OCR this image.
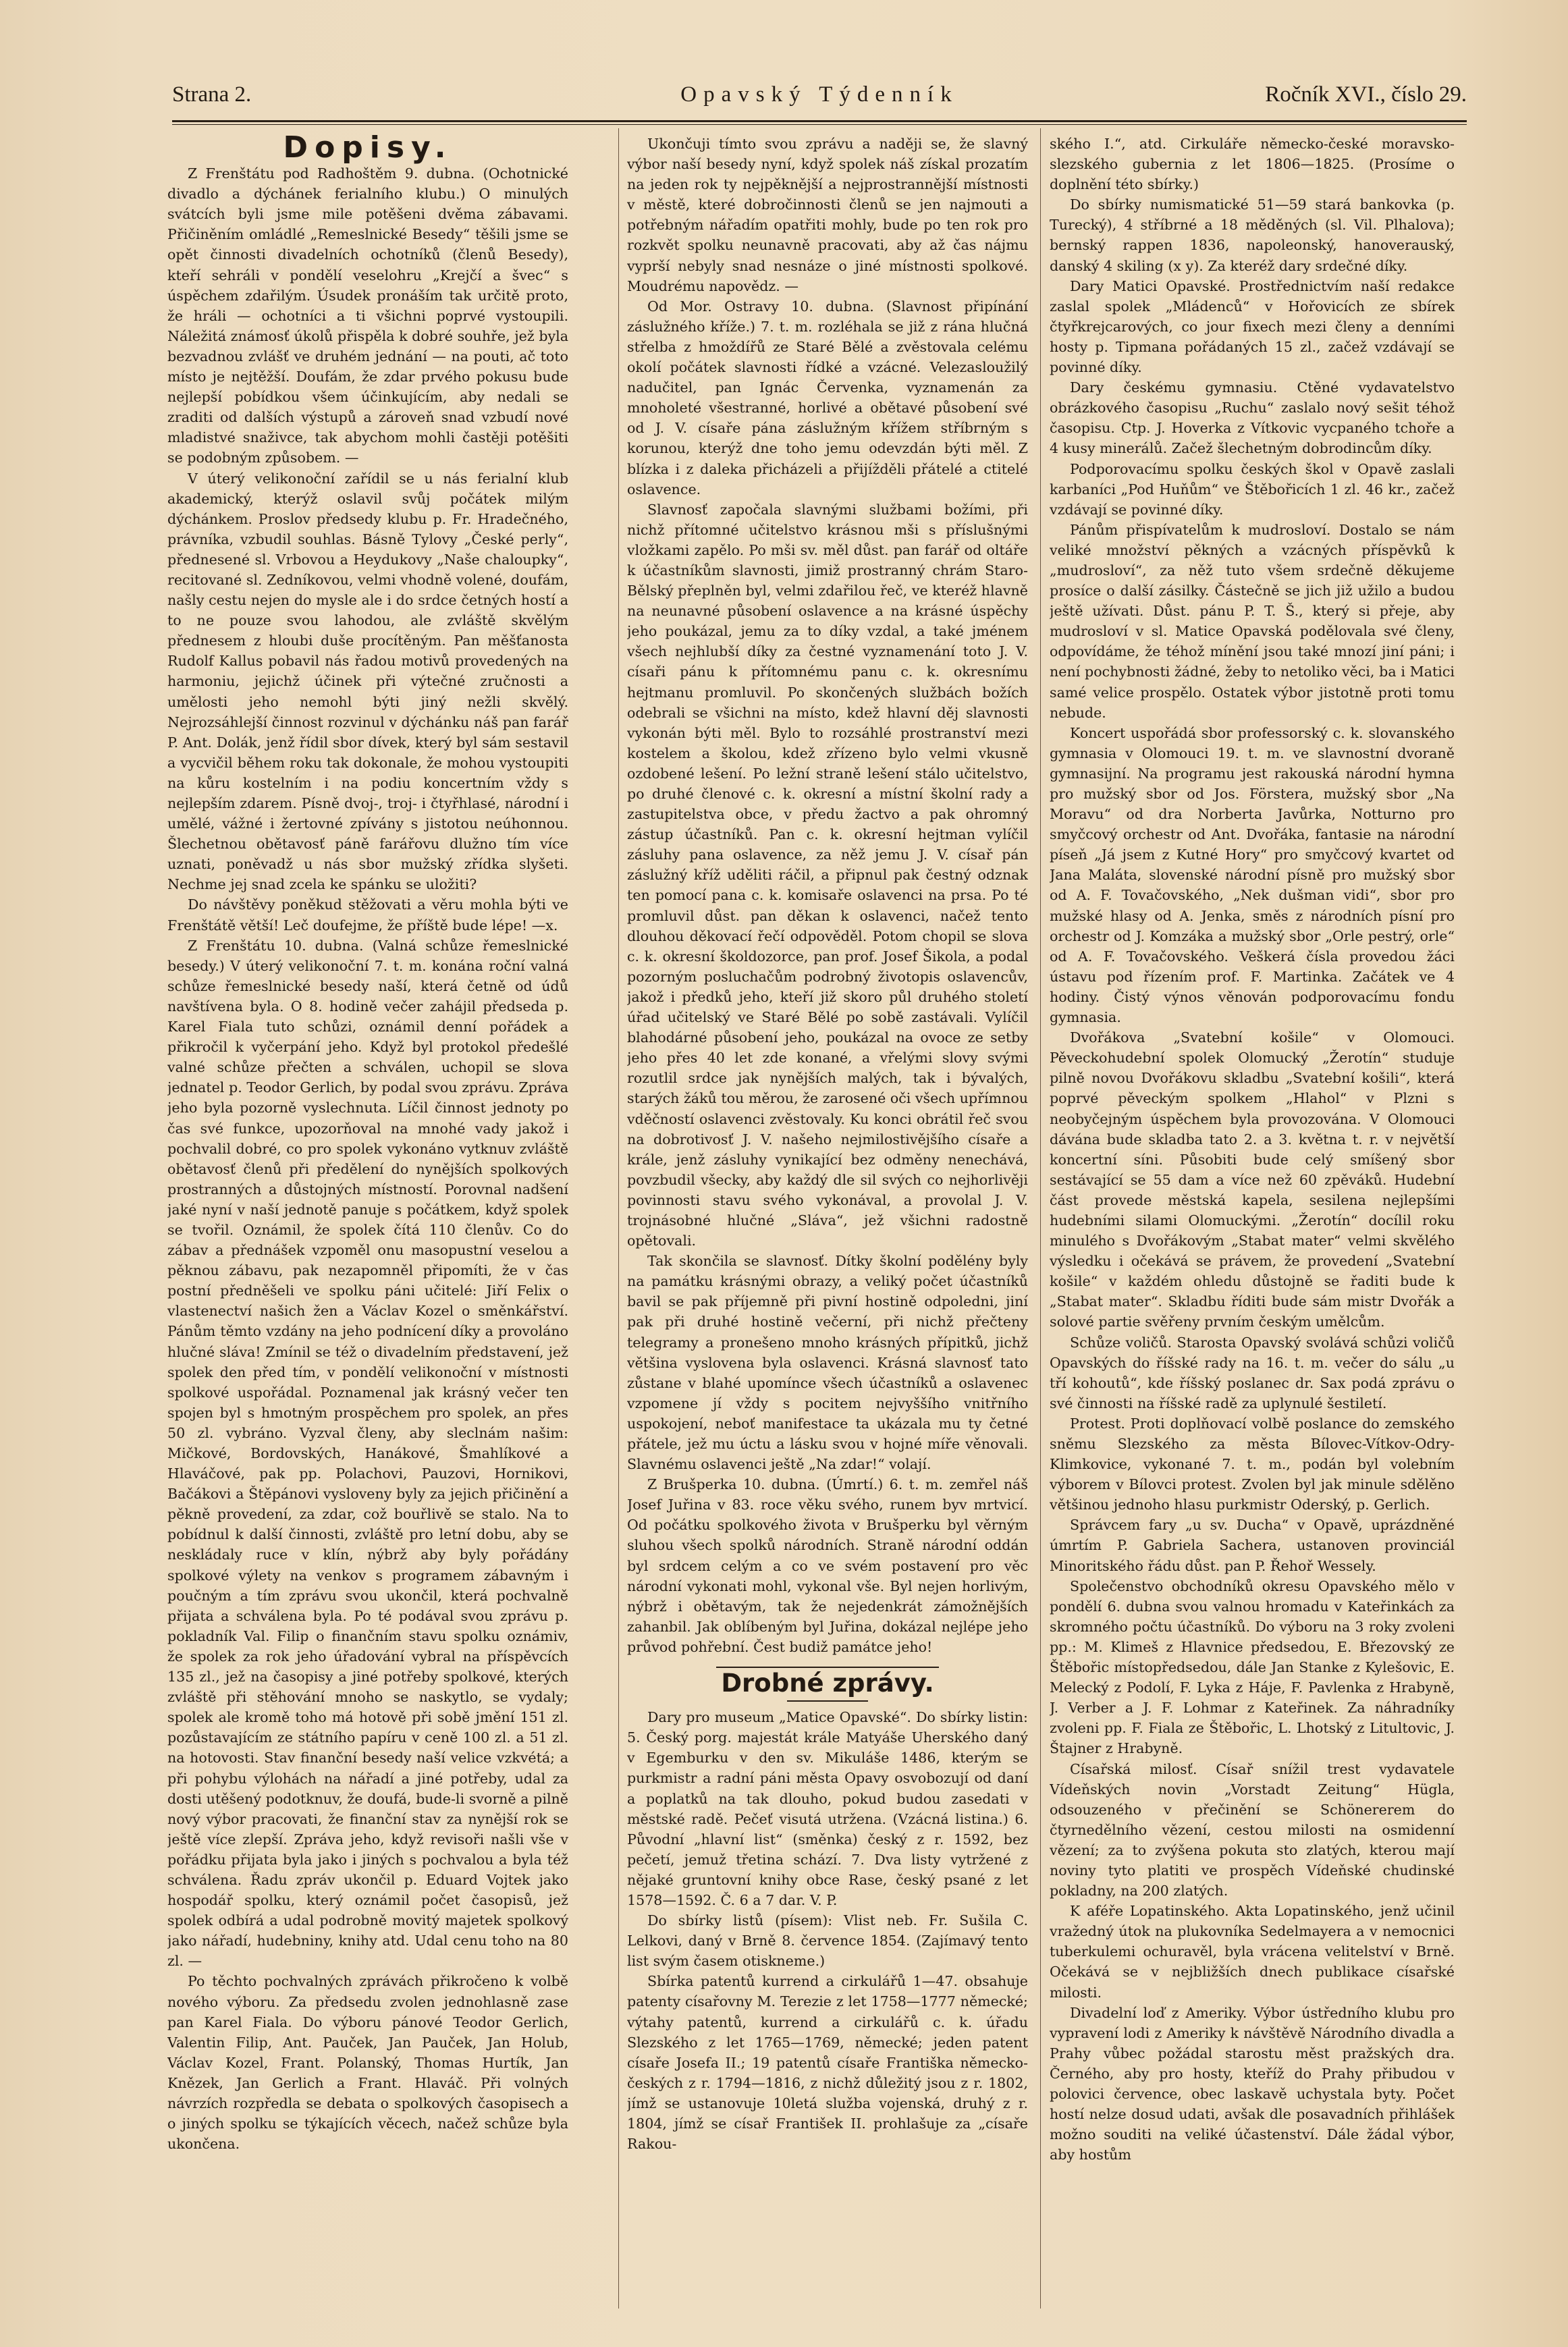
Strana 2.	Opavský Týdenník	Ročník XVI., číslo 29.
Dopisy.

Z Frenštátu pod Radhoštěm 9. dubna. (Ochotnické divadlo a dýchánek ferialního klubu.) O minulých svátcích byli jsme mile potěšeni dvěma zábavami. Přičiněním omládlé „Remeslnické Besedy“ těšili jsme se opět činnosti divadelních ochotníků (členů Besedy), kteří sehráli v pondělí veselohru „Krejčí a švec“ s úspěchem zdařilým. Úsudek pronáším tak určitě proto, že hráli — ochotníci a ti všichni poprvé vystoupili. Náležitá známosť úkolů přispěla k dobré souhře, jež byla bezvadnou zvlášť ve druhém jednání — na pouti, ač toto místo je nejtěžší. Doufám, že zdar prvého pokusu bude nejlepší pobídkou všem účinkujícím, aby nedali se zraditi od dalších výstupů a zároveň snad vzbudí nové mladistvé snaživce, tak abychom mohli častěji potěšiti se podobným způsobem. —

V úterý velikonoční zařídil se u nás ferialní klub akademický, kterýž oslavil svůj počátek milým dýchánkem. Proslov předsedy klubu p. Fr. Hradečného, právníka, vzbudil souhlas. Básně Tylovy „České perly“, přednesené sl. Vrbovou a Heydukovy „Naše chaloupky“, recitované sl. Zedníkovou, velmi vhodně volené, doufám, našly cestu nejen do mysle ale i do srdce četných hostí a to ne pouze svou lahodou, ale zvláště skvělým přednesem z hloubi duše procítěným. Pan měšťanosta Rudolf Kallus pobavil nás řadou motivů provedených na harmoniu, jejichž účinek při výtečné zručnosti a umělosti jeho nemohl býti jiný nežli skvělý. Nejrozsáhlejší činnost rozvinul v dýchánku náš pan farář P. Ant. Dolák, jenž řídil sbor dívek, který byl sám sestavil a vycvičil během roku tak dokonale, že mohou vystoupiti na kůru kostelním i na podiu koncertním vždy s nejlepším zdarem. Písně dvoj-, troj- i čtyřhlasé, národní i umělé, vážné i žertovné zpívány s jistotou neúhonnou. Šlechetnou obětavosť páně farářovu dlužno tím více uznati, poněvadž u nás sbor mužský zřídka slyšeti. Nechme jej snad zcela ke spánku se uložiti?

Do návštěvy poněkud stěžovati a věru mohla býti ve Frenštátě větší! Leč doufejme, že příště bude lépe! —x.

Z Frenštátu 10. dubna. (Valná schůze řemeslnické besedy.) V úterý velikonoční 7. t. m. konána roční valná schůze řemeslnické besedy naší, která četně od údů navštívena byla. O 8. hodině večer zahájil předseda p. Karel Fiala tuto schůzi, oznámil denní pořádek a přikročil k vyčerpání jeho. Když byl protokol předešlé valné schůze přečten a schválen, uchopil se slova jednatel p. Teodor Gerlich, by podal svou zprávu. Zpráva jeho byla pozorně vyslechnuta. Líčil činnost jednoty po čas své funkce, upozorňoval na mnohé vady jakož i pochvalil dobré, co pro spolek vykonáno vytknuv zvláště obětavosť členů při předělení do nynějších spolkových prostranných a důstojných místností. Porovnal nadšení jaké nyní v naší jednotě panuje s počátkem, když spolek se tvořil. Oznámil, že spolek čítá 110 členův. Co do zábav a přednášek vzpoměl onu masopustní veselou a pěknou zábavu, pak nezapomněl připomíti, že v čas postní předněšeli ve spolku páni učitelé: Jiří Felix o vlastenectví našich žen a Václav Kozel o směnkářství. Pánům těmto vzdány na jeho podnícení díky a provoláno hlučné sláva! Zmínil se též o divadelním představení, jež spolek den před tím, v pondělí velikonoční v místnosti spolkové uspořádal. Poznamenal jak krásný večer ten spojen byl s hmotným prospěchem pro spolek, an přes 50 zl. vybráno. Vyzval členy, aby sleclnám našim: Mičkové, Bordovských, Hanákové, Šmahlíkové a Hlaváčové, pak pp. Polachovi, Pauzovi, Hornikovi, Bačákovi a Štěpánovi vysloveny byly za jejich přičinění a pěkně provedení, za zdar, což bouřlivě se stalo. Na to pobídnul k další činnosti, zvláště pro letní dobu, aby se neskládaly ruce v klín, nýbrž aby byly pořádány spolkové výlety na venkov s programem zábavným i poučným a tím zprávu svou ukončil, která pochvalně přijata a schválena byla. Po té podával svou zprávu p. pokladník Val. Filip o finančním stavu spolku oznámiv, že spolek za rok jeho úřadování vybral na příspěvcích 135 zl., jež na časopisy a jiné potřeby spolkové, kterých zvláště při stěhování mnoho se naskytlo, se vydaly; spolek ale kromě toho má hotově při sobě jmění 151 zl. pozůstavajícím ze státního papíru v ceně 100 zl. a 51 zl. na hotovosti. Stav finanční besedy naší velice vzkvétá; a při pohybu výlohách na nářadí a jiné potřeby, udal za dosti utěšený podotknuv, že doufá, bude-li svorně a pilně nový výbor pracovati, že finanční stav za nynější rok se ještě více zlepší. Zpráva jeho, když revisoři našli vše v pořádku přijata byla jako i jiných s pochvalou a byla též schválena. Řadu zpráv ukončil p. Eduard Vojtek jako hospodář spolku, který oznámil počet časopisů, jež spolek odbírá a udal podrobně movitý majetek spolkový jako nářadí, hudebniny, knihy atd. Udal cenu toho na 80 zl. —

Po těchto pochvalných zprávách přikročeno k volbě nového výboru. Za předsedu zvolen jednohlasně zase pan Karel Fiala. Do výboru pánové Teodor Gerlich, Valentin Filip, Ant. Pauček, Jan Pauček, Jan Holub, Václav Kozel, Frant. Polanský, Thomas Hurtík, Jan Knězek, Jan Gerlich a Frant. Hlaváč. Při volných návrzích rozpředla se debata o spolkových časopisech a o jiných spolku se týkajících věcech, načež schůze byla ukončena.

Ukončuji tímto svou zprávu a naději se, že slavný výbor naší besedy nyní, když spolek náš získal prozatím na jeden rok ty nejpěknější a nejprostrannější místnosti v městě, které dobročinnosti členů se jen najmouti a potřebným nářadím opatřiti mohly, bude po ten rok pro rozkvět spolku neunavně pracovati, aby až čas nájmu vyprší nebyly snad nesnáze o jiné místnosti spolkové. Moudrému napovědz. —

Od Mor. Ostravy 10. dubna. (Slavnost připínání záslužného kříže.) 7. t. m. rozléhala se již z rána hlučná střelba z hmoždířů ze Staré Bělé a zvěstovala celému okolí počátek slavnosti řídké a vzácné. Velezasloužilý nadučitel, pan Ignác Červenka, vyznamenán za mnoholeté všestranné, horlivé a obětavé působení své od J. V. císaře pána záslužným křížem stříbrným s korunou, kterýž dne toho jemu odevzdán býti měl. Z blízka i z daleka přicházeli a přijížděli přátelé a ctitelé oslavence.

Slavnosť započala slavnými službami božími, při nichž přítomné učitelstvo krásnou mši s příslušnými vložkami zapělo. Po mši sv. měl důst. pan farář od oltáře k účastníkům slavnosti, jimiž prostranný chrám Staro-Bělský přeplněn byl, velmi zdařilou řeč, ve kteréž hlavně na neunavné působení oslavence a na krásné úspěchy jeho poukázal, jemu za to díky vzdal, a také jménem všech nejhlubší díky za čestné vyznamenání toto J. V. císaři pánu k přítomnému panu c. k. okresnímu hejtmanu promluvil. Po skončených službách božích odebrali se všichni na místo, kdež hlavní děj slavnosti vykonán býti měl. Bylo to rozsáhlé prostranství mezi kostelem a školou, kdež zřízeno bylo velmi vkusně ozdobené lešení. Po ležní straně lešení stálo učitelstvo, po druhé členové c. k. okresní a místní školní rady a zastupitelstva obce, v předu žactvo a pak ohromný zástup účastníků. Pan c. k. okresní hejtman vylíčil zásluhy pana oslavence, za něž jemu J. V. císař pán záslužný kříž uděliti ráčil, a připnul pak čestný odznak ten pomocí pana c. k. komisaře oslavenci na prsa. Po té promluvil důst. pan děkan k oslavenci, načež tento dlouhou děkovací řečí odpověděl. Potom chopil se slova c. k. okresní školdozorce, pan prof. Josef Šikola, a podal pozorným posluchačům podrobný životopis oslavencův, jakož i předků jeho, kteří již skoro půl druhého století úřad učitelský ve Staré Bělé po sobě zastávali. Vylíčil blahodárné působení jeho, poukázal na ovoce ze setby jeho přes 40 let zde konané, a vřelými slovy svými rozutlil srdce jak nynějších malých, tak i bývalých, starých žáků tou měrou, že zarosené oči všech upřímnou vděčností oslavenci zvěstovaly. Ku konci obrátil řeč svou na dobrotivosť J. V. našeho nejmilostivějšího císaře a krále, jenž zásluhy vynikající bez odměny nenechává, povzbudil všecky, aby každý dle sil svých co nejhorlivěji povinnosti stavu svého vykonával, a provolal J. V. trojnásobné hlučné „Sláva“, jež všichni radostně opětovali.

Tak skončila se slavnosť. Dítky školní podělény byly na památku krásnými obrazy, a veliký počet účastníků bavil se pak příjemně při pivní hostině odpoledni, jiní pak při druhé hostině večerní, při nichž přečteny telegramy a pronešeno mnoho krásných přípitků, jichž většina vyslovena byla oslavenci. Krásná slavnosť tato zůstane v blahé upomínce všech účastníků a oslavenec vzpomene jí vždy s pocitem nejvyššího vnitřního uspokojení, neboť manifestace ta ukázala mu ty četné přátele, jež mu úctu a lásku svou v hojné míře věnovali. Slavnému oslavenci ještě „Na zdar!“ volají.

Z Brušperka 10. dubna. (Úmrtí.) 6. t. m. zemřel náš Josef Juřina v 83. roce věku svého, runem byv mrtvicí. Od počátku spolkového života v Brušperku byl věrným sluhou všech spolků národních. Straně národní oddán byl srdcem celým a co ve svém postavení pro věc národní vykonati mohl, vykonal vše. Byl nejen horlivým, nýbrž i obětavým, tak že nejedenkrát zámožnějších zahanbil. Jak oblíbeným byl Juřina, dokázal nejlépe jeho průvod pohřební. Čest budiž památce jeho!

Drobné zprávy.

Dary pro museum „Matice Opavské“. Do sbírky listin: 5. Český porg. majestát krále Matyáše Uherského daný v Egemburku v den sv. Mikuláše 1486, kterým se purkmistr a radní páni města Opavy osvobozují od daní a poplatků na tak dlouho, pokud budou zasedati v městské radě. Pečeť visutá utržena. (Vzácná listina.) 6. Původní „hlavní list“ (směnka) český z r. 1592, bez pečetí, jemuž třetina schází. 7. Dva listy vytržené z nějaké gruntovní knihy obce Rase, český psané z let 1578—1592. Č. 6 a 7 dar. V. P.

Do sbírky listů (písem): Vlist neb. Fr. Sušila C. Lelkovi, daný v Brně 8. července 1854. (Zajímavý tento list svým časem otiskneme.)

Sbírka patentů kurrend a cirkulářů 1—47. obsahuje patenty císařovny M. Terezie z let 1758—1777 německé; výtahy patentů, kurrend a cirkulářů c. k. úřadu Slezského z let 1765—1769, německé; jeden patent císaře Josefa II.; 19 patentů císaře Františka německo-českých z r. 1794—1816, z nichž důležitý jsou z r. 1802, jímž se ustanovuje 10letá služba vojenská, druhý z r. 1804, jímž se císař František II. prohlašuje za „císaře Rakou-

ského I.“, atd. Cirkuláře německo-české moravsko-slezského gubernia z let 1806—1825. (Prosíme o doplnění této sbírky.)

Do sbírky numismatické 51—59 stará bankovka (p. Turecký), 4 stříbrné a 18 měděných (sl. Vil. Plhalova); bernský rappen 1836, napoleonský, hanoverauský, danský 4 skiling (x y). Za kteréž dary srdečné díky.

Dary Matici Opavské. Prostřednictvím naší redakce zaslal spolek „Mládenců“ v Hořovicích ze sbírek čtyřkrejcarových, co jour fixech mezi členy a denními hosty p. Tipmana pořádaných 15 zl., začež vzdávají se povinné díky.

Dary českému gymnasiu. Ctěné vydavatelstvo obrázkového časopisu „Ruchu“ zaslalo nový sešit téhož časopisu. Ctp. J. Hoverka z Vítkovic vycpaného tchoře a 4 kusy minerálů. Začež šlechetným dobrodincům díky.

Podporovacímu spolku českých škol v Opavě zaslali karbaníci „Pod Huňům“ ve Štěbořicích 1 zl. 46 kr., začež vzdávají se povinné díky.

Pánům přispívatelům k mudrosloví. Dostalo se nám veliké množství pěkných a vzácných příspěvků k „mudrosloví“, za něž tuto všem srdečně děkujeme prosíce o další zásilky. Částečně se jich již užilo a budou ještě užívati. Důst. pánu P. T. Š., který si přeje, aby mudrosloví v sl. Matice Opavská podělovala své členy, odpovídáme, že téhož mínění jsou také mnozí jiní páni; i není pochybnosti žádné, žeby to netoliko věci, ba i Matici samé velice prospělo. Ostatek výbor jistotně proti tomu nebude.

Koncert uspořádá sbor professorský c. k. slovanského gymnasia v Olomouci 19. t. m. ve slavnostní dvoraně gymnasijní. Na programu jest rakouská národní hymna pro mužský sbor od Jos. Förstera, mužský sbor „Na Moravu“ od dra Norberta Javůrka, Notturno pro smyčcový orchestr od Ant. Dvořáka, fantasie na národní píseň „Já jsem z Kutné Hory“ pro smyčcový kvartet od Jana Maláta, slovenské národní písně pro mužský sbor od A. F. Tovačovského, „Nek dušman vidi“, sbor pro mužské hlasy od A. Jenka, směs z národních písní pro orchestr od J. Komzáka a mužský sbor „Orle pestrý, orle“ od A. F. Tovačovského. Veškerá čísla provedou žáci ústavu pod řízením prof. F. Martinka. Začátek ve 4 hodiny. Čistý výnos věnován podporovacímu fondu gymnasia.

Dvořákova „Svatební košile“ v Olomouci. Pěveckohudební spolek Olomucký „Žerotín“ studuje pilně novou Dvořákovu skladbu „Svatební košili“, která poprvé pěveckým spolkem „Hlahol“ v Plzni s neobyčejným úspěchem byla provozována. V Olomouci dávána bude skladba tato 2. a 3. května t. r. v největší koncertní síni. Působiti bude celý smíšený sbor sestávající se 55 dam a více než 60 zpěváků. Hudební část provede městská kapela, sesilena nejlepšími hudebními silami Olomuckými. „Žerotín“ docílil roku minulého s Dvořákovým „Stabat mater“ velmi skvělého výsledku i očekává se právem, že provedení „Svatební košile“ v každém ohledu důstojně se řaditi bude k „Stabat mater“. Skladbu říditi bude sám mistr Dvořák a solové partie svěřeny prvním českým umělcům.

Schůze voličů. Starosta Opavský svolává schůzi voličů Opavských do říšské rady na 16. t. m. večer do sálu „u tří kohoutů“, kde říšský poslanec dr. Sax podá zprávu o své činnosti na říšské radě za uplynulé šestiletí.

Protest. Proti doplňovací volbě poslance do zemského sněmu Slezského za města Bílovec-Vítkov-Odry-Klimkovice, vykonané 7. t. m., podán byl volebním výborem v Bílovci protest. Zvolen byl jak minule sdělěno většinou jednoho hlasu purkmistr Oderský, p. Gerlich.

Správcem fary „u sv. Ducha“ v Opavě, uprázdněné úmrtím P. Gabriela Sachera, ustanoven provinciál Minoritského řádu důst. pan P. Řehoř Wessely.

Společenstvo obchodníků okresu Opavského mělo v pondělí 6. dubna svou valnou hromadu v Kateřinkách za skromného počtu účastníků. Do výboru na 3 roky zvoleni pp.: M. Klimeš z Hlavnice předsedou, E. Březovský ze Štěbořic místopředsedou, dále Jan Stanke z Kylešovic, E. Melecký z Podolí, F. Lyka z Háje, F. Pavlenka z Hrabyně, J. Verber a J. F. Lohmar z Kateřinek. Za náhradníky zvoleni pp. F. Fiala ze Štěbořic, L. Lhotský z Litultovic, J. Štajner z Hrabyně.

Císařská milosť. Císař snížil trest vydavatele Vídeňských novin „Vorstadt Zeitung“ Hügla, odsouzeného v přečinění se Schönererem do čtyrnedělního vězení, cestou milosti na osmidenní vězení; za to zvýšena pokuta sto zlatých, kterou mají noviny tyto platiti ve prospěch Vídeňské chudinské pokladny, na 200 zlatých.

K aféře Lopatinského. Akta Lopatinského, jenž učinil vražedný útok na plukovníka Sedelmayera a v nemocnici tuberkulemi ochuravěl, byla vrácena velitelství v Brně. Očekává se v nejbližších dnech publikace císařské milosti.

Divadelní loď z Ameriky. Výbor ústředního klubu pro vypravení lodi z Ameriky k návštěvě Národního divadla a Prahy vůbec požádal starostu měst pražských dra. Černého, aby pro hosty, kteříž do Prahy přibudou v polovici července, obec laskavě uchystala byty. Počet hostí nelze dosud udati, avšak dle posavadních přihlášek možno souditi na veliké účastenství. Dále žádal výbor, aby hostům
